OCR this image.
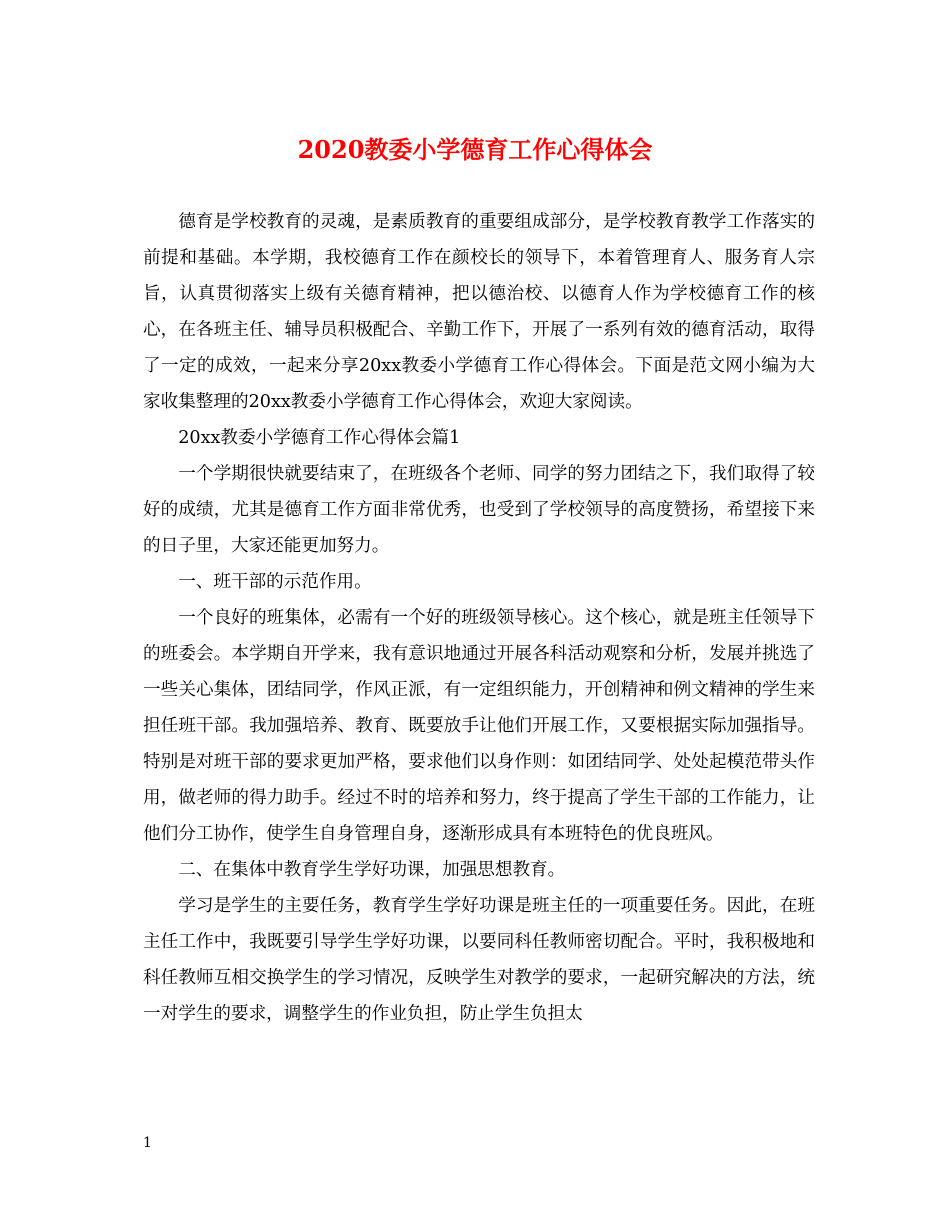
2020教委小学德育工作心得体会

德育是学校教育的灵魂，是素质教育的重要组成部分，是学校教育教学工作落实的前提和基础。本学期，我校德育工作在颜校长的领导下，本着管理育人、服务育人宗旨，认真贯彻落实上级有关德育精神，把以德治校、以德育人作为学校德育工作的核心，在各班主任、辅导员积极配合、辛勤工作下，开展了一系列有效的德育活动，取得了一定的成效，一起来分享20xx教委小学德育工作心得体会。下面是范文网小编为大家收集整理的20xx教委小学德育工作心得体会，欢迎大家阅读。

20xx教委小学德育工作心得体会篇1

一个学期很快就要结束了，在班级各个老师、同学的努力团结之下，我们取得了较好的成绩，尤其是德育工作方面非常优秀，也受到了学校领导的高度赞扬，希望接下来的日子里，大家还能更加努力。

一、班干部的示范作用。

一个良好的班集体，必需有一个好的班级领导核心。这个核心，就是班主任领导下的班委会。本学期自开学来，我有意识地通过开展各科活动观察和分析，发展并挑选了一些关心集体，团结同学，作风正派，有一定组织能力，开创精神和例文精神的学生来担任班干部。我加强培养、教育、既要放手让他们开展工作，又要根据实际加强指导。特别是对班干部的要求更加严格，要求他们以身作则：如团结同学、处处起模范带头作用，做老师的得力助手。经过不时的培养和努力，终于提高了学生干部的工作能力，让他们分工协作，使学生自身管理自身，逐渐形成具有本班特色的优良班风。

二、在集体中教育学生学好功课，加强思想教育。

学习是学生的主要任务，教育学生学好功课是班主任的一项重要任务。因此，在班主任工作中，我既要引导学生学好功课，以要同科任教师密切配合。平时，我积极地和科任教师互相交换学生的学习情况，反映学生对教学的要求，一起研究解决的方法，统一对学生的要求，调整学生的作业负担，防止学生负担太

1
